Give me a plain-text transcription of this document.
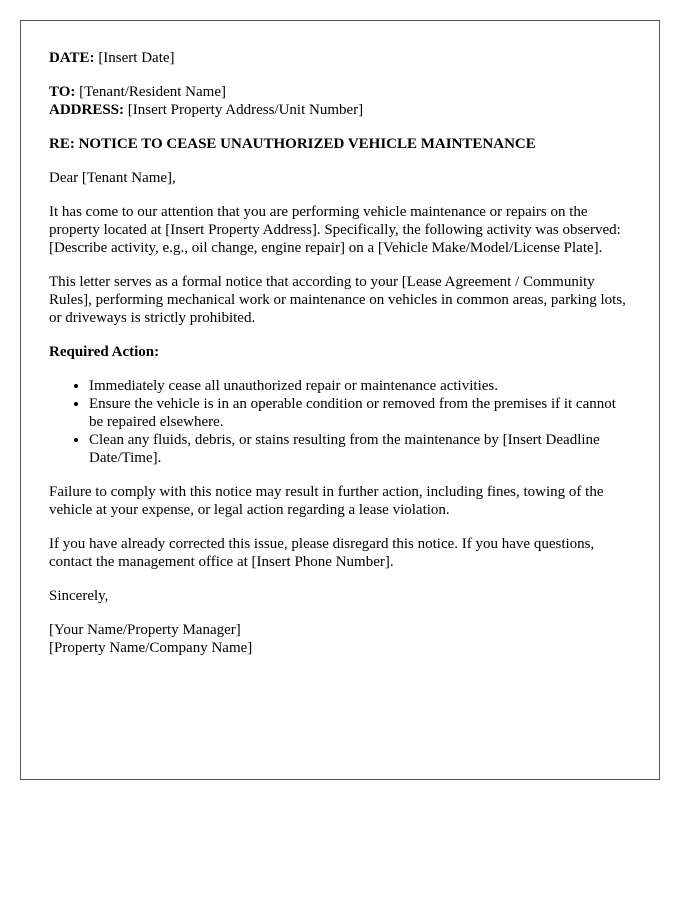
DATE: [Insert Date]

TO: [Tenant/Resident Name]

ADDRESS: [Insert Property Address/Unit Number]

RE: NOTICE TO CEASE UNAUTHORIZED VEHICLE MAINTENANCE

Dear [Tenant Name],

It has come to our attention that you are performing vehicle maintenance or repairs on the property located at [Insert Property Address]. Specifically, the following activity was observed: [Describe activity, e.g., oil change, engine repair] on a [Vehicle Make/Model/License Plate].

This letter serves as a formal notice that according to your [Lease Agreement / Community Rules], performing mechanical work or maintenance on vehicles in common areas, parking lots, or driveways is strictly prohibited.

Required Action:

• Immediately cease all unauthorized repair or maintenance activities.
• Ensure the vehicle is in an operable condition or removed from the premises if it cannot be repaired elsewhere.
• Clean any fluids, debris, or stains resulting from the maintenance by [Insert Deadline Date/Time].

Failure to comply with this notice may result in further action, including fines, towing of the vehicle at your expense, or legal action regarding a lease violation.

If you have already corrected this issue, please disregard this notice. If you have questions, contact the management office at [Insert Phone Number].

Sincerely,

[Your Name/Property Manager]

[Property Name/Company Name]
